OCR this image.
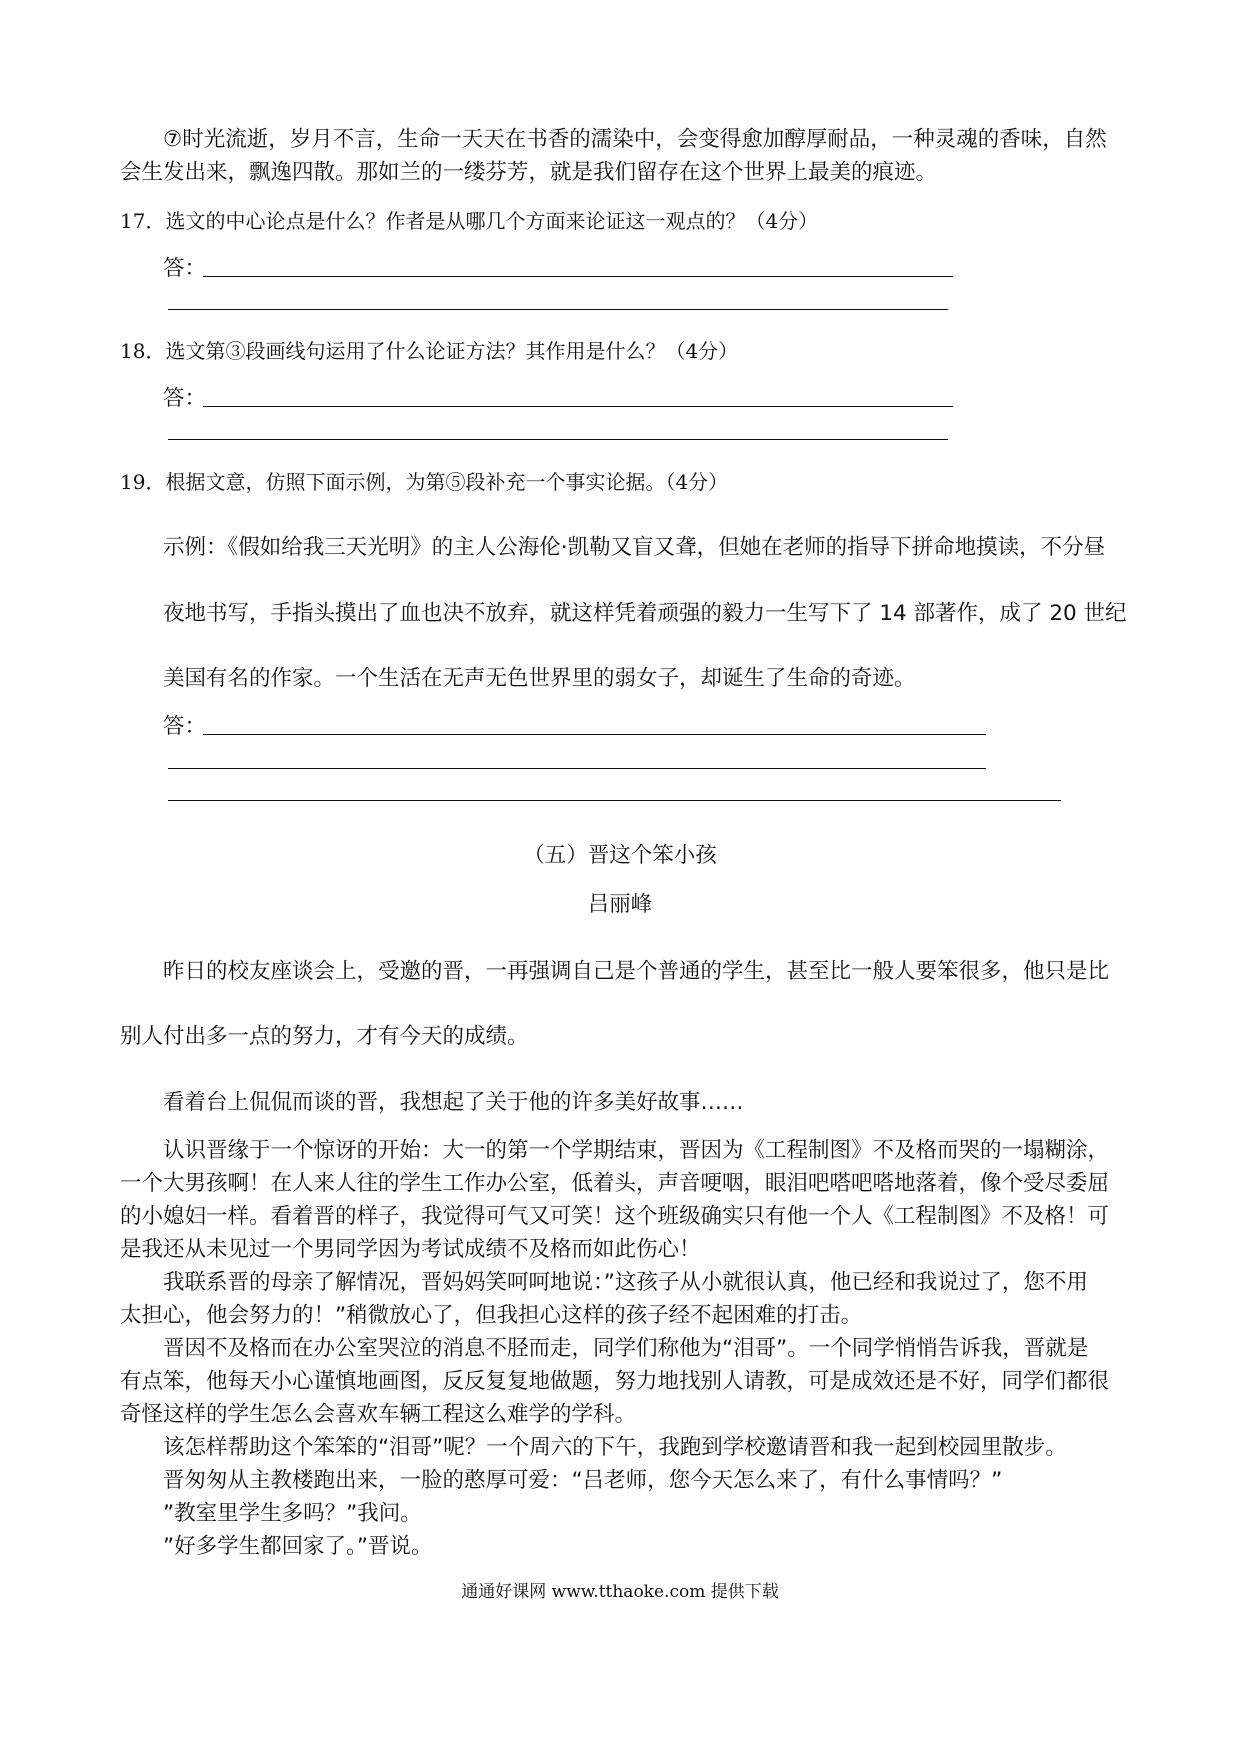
⑦时光流逝，岁月不言，生命一天天在书香的濡染中，会变得愈加醇厚耐品，一种灵魂的香味，自然
会生发出来，飘逸四散。那如兰的一缕芬芳，就是我们留存在这个世界上最美的痕迹。
17．选文的中心论点是什么？作者是从哪几个方面来论证这一观点的？（4分）
答：
18．选文第③段画线句运用了什么论证方法？其作用是什么？（4分）
答：
19．根据文意，仿照下面示例，为第⑤段补充一个事实论据。（4分）
示例：《假如给我三天光明》的主人公海伦·凯勒又盲又聋，但她在老师的指导下拼命地摸读，不分昼
夜地书写，手指头摸出了血也决不放弃，就这样凭着顽强的毅力一生写下了 14 部著作，成了 20 世纪
美国有名的作家。一个生活在无声无色世界里的弱女子，却诞生了生命的奇迹。
答：
（五）晋这个笨小孩
吕丽峰
昨日的校友座谈会上，受邀的晋，一再强调自己是个普通的学生，甚至比一般人要笨很多，他只是比
别人付出多一点的努力，才有今天的成绩。
看着台上侃侃而谈的晋，我想起了关于他的许多美好故事……
认识晋缘于一个惊讶的开始：大一的第一个学期结束，晋因为《工程制图》不及格而哭的一塌糊涂，
一个大男孩啊！在人来人往的学生工作办公室，低着头，声音哽咽，眼泪吧嗒吧嗒地落着，像个受尽委屈
的小媳妇一样。看着晋的样子，我觉得可气又可笑！这个班级确实只有他一个人《工程制图》不及格！可
是我还从未见过一个男同学因为考试成绩不及格而如此伤心！
我联系晋的母亲了解情况，晋妈妈笑呵呵地说：”这孩子从小就很认真，他已经和我说过了，您不用
太担心，他会努力的！”稍微放心了，但我担心这样的孩子经不起困难的打击。
晋因不及格而在办公室哭泣的消息不胫而走，同学们称他为“泪哥”。一个同学悄悄告诉我，晋就是
有点笨，他每天小心谨慎地画图，反反复复地做题，努力地找别人请教，可是成效还是不好，同学们都很
奇怪这样的学生怎么会喜欢车辆工程这么难学的学科。
该怎样帮助这个笨笨的“泪哥”呢？一个周六的下午，我跑到学校邀请晋和我一起到校园里散步。
晋匆匆从主教楼跑出来，一脸的憨厚可爱：“吕老师，您今天怎么来了，有什么事情吗？”
”教室里学生多吗？”我问。
”好多学生都回家了。”晋说。
通通好课网 www.tthaoke.com 提供下载
